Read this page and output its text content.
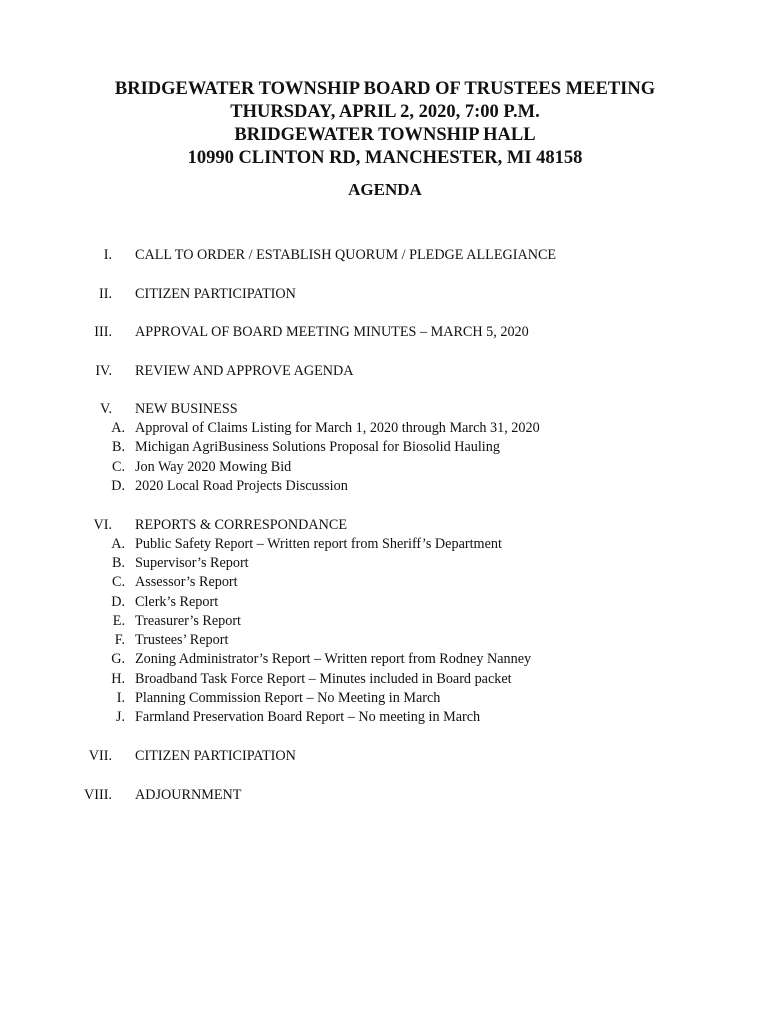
BRIDGEWATER TOWNSHIP BOARD OF TRUSTEES MEETING
THURSDAY, APRIL 2, 2020, 7:00 P.M.
BRIDGEWATER TOWNSHIP HALL
10990 CLINTON RD, MANCHESTER, MI 48158
AGENDA
I. CALL TO ORDER / ESTABLISH QUORUM / PLEDGE ALLEGIANCE
II. CITIZEN PARTICIPATION
III. APPROVAL OF BOARD MEETING MINUTES – MARCH 5, 2020
IV. REVIEW AND APPROVE AGENDA
V. NEW BUSINESS
A. Approval of Claims Listing for March 1, 2020 through March 31, 2020
B. Michigan AgriBusiness Solutions Proposal for Biosolid Hauling
C. Jon Way 2020 Mowing Bid
D. 2020 Local Road Projects Discussion
VI. REPORTS & CORRESPONDANCE
A. Public Safety Report – Written report from Sheriff’s Department
B. Supervisor’s Report
C. Assessor’s Report
D. Clerk’s Report
E. Treasurer’s Report
F. Trustees’ Report
G. Zoning Administrator’s Report – Written report from Rodney Nanney
H. Broadband Task Force Report – Minutes included in Board packet
I. Planning Commission Report – No Meeting in March
J. Farmland Preservation Board Report – No meeting in March
VII. CITIZEN PARTICIPATION
VIII. ADJOURNMENT
